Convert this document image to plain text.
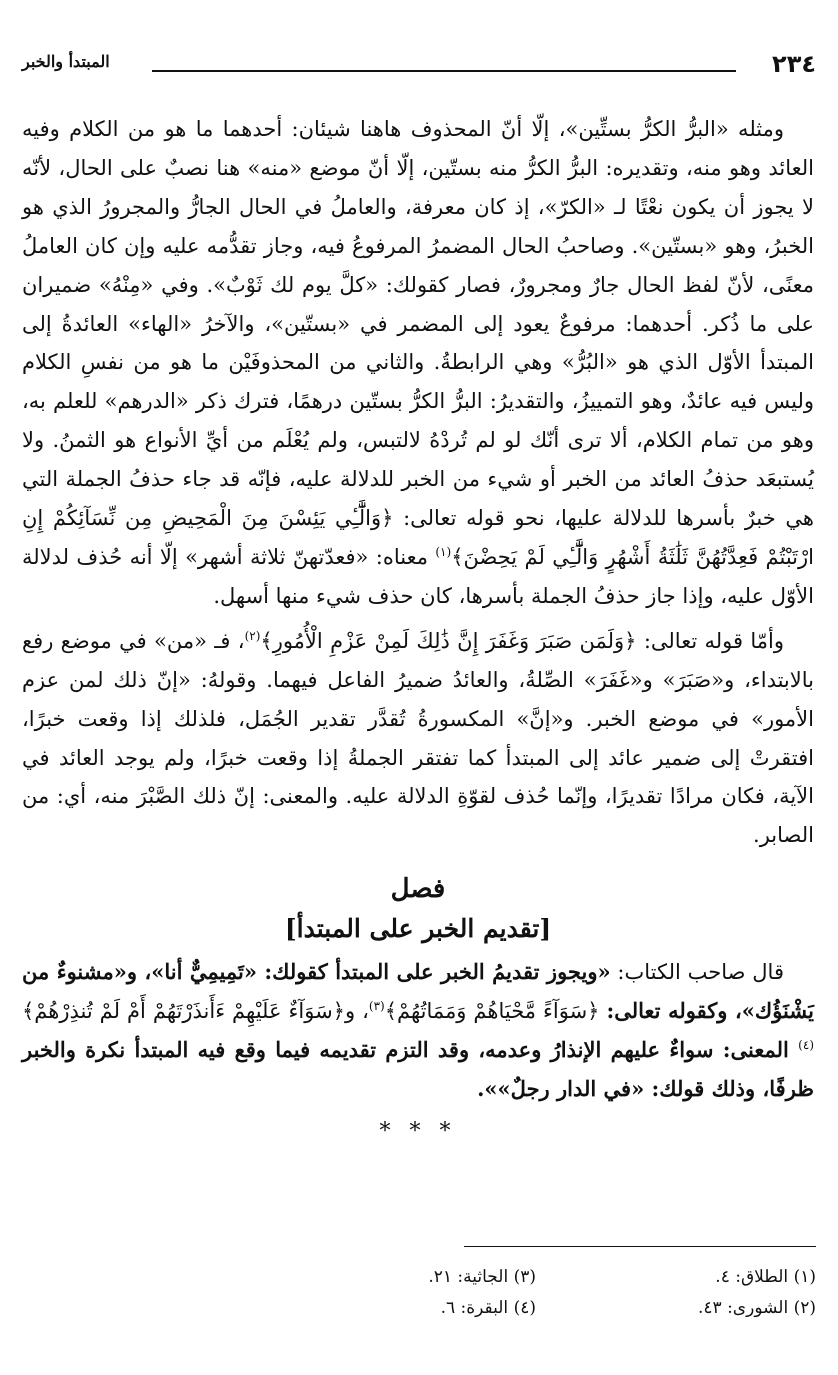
٢٣٤
المبتدأ والخبر

ومثله «البرُّ الكرُّ بستِّين»، إلّا أنّ المحذوف هاهنا شيئان: أحدهما ما هو من الكلام وفيه العائد وهو منه، وتقديره: البرُّ الكرُّ منه بستّين، إلّا أنّ موضع «منه» هنا نصبٌ على الحال، لأنّه لا يجوز أن يكون نعْتًا لـ «الكرّ»، إذ كان معرفة، والعاملُ في الحال الجارُّ والمجرورُ الذي هو الخبرُ، وهو «بستّين». وصاحبُ الحال المضمرُ المرفوعُ فيه، وجاز تقدُّمه عليه وإن كان العاملُ معنًى، لأنّ لفظ الحال جارٌ ومجرورٌ، فصار كقولك: «كلَّ يوم لك ثَوْبٌ». وفي «مِنْهُ» ضميران على ما ذُكر. أحدهما: مرفوعٌ يعود إلى المضمر في «بستّين»، والآخرُ «الهاء» العائدةُ إلى المبتدأ الأوّل الذي هو «البُرُّ» وهي الرابطةُ. والثاني من المحذوفَيْن ما هو من نفسِ الكلام وليس فيه عائدٌ، وهو التمييزُ، والتقديرُ: البرُّ الكرُّ بستّين درهمًا، فترك ذكر «الدرهم» للعلم به، وهو من تمام الكلام، ألا ترى أنّك لو لم تُردْهُ لالتبس، ولم يُعْلَم من أيِّ الأنواع هو الثمنُ. ولا يُستبعَد حذفُ العائد من الخبر أو شيء من الخبر للدلالة عليه، فإنّه قد جاء حذفُ الجملة التي هي خبرٌ بأسرها للدلالة عليها، نحو قوله تعالى: ﴿وَالَّٰٓـِٔي يَئِسْنَ مِنَ الْمَحِيضِ مِن نِّسَآئِكُمْ إِنِ ارْتَبْتُمْ فَعِدَّتُهُنَّ ثَلَٰثَةُ أَشْهُرٍ وَالَّٰٓـِٔي لَمْ يَحِضْنَ﴾$^{(١)}$ معناه: «فعدّتهنّ ثلاثة أشهر» إلّا أنه حُذف لدلالة الأوّل عليه، وإذا جاز حذفُ الجملة بأسرها، كان حذف شيء منها أسهل.

وأمّا قوله تعالى: ﴿وَلَمَن صَبَرَ وَغَفَرَ إِنَّ ذَٰلِكَ لَمِنْ عَزْمِ الْأُمُورِ﴾$^{(٢)}$، فـ «من» في موضع رفع بالابتداء، و«صَبَرَ» و«غَفَرَ» الصِّلةُ، والعائدُ ضميرُ الفاعل فيهما. وقولهُ: «إنّ ذلك لمن عزم الأمور» في موضع الخبر. و«إنَّ» المكسورةُ تُقدَّر تقدير الجُمَل، فلذلك إذا وقعت خبرًا، افتقرتْ إلى ضمير عائد إلى المبتدأ كما تفتقر الجملةُ إذا وقعت خبرًا، ولم يوجد العائد في الآية، فكان مرادًا تقديرًا، وإنّما حُذف لقوّةِ الدلالة عليه. والمعنى: إنّ ذلك الصَّبْرَ منه، أي: من الصابر.

فصل

[تقديم الخبر على المبتدأ]

قال صاحب الكتاب: «ويجوز تقديمُ الخبر على المبتدأ كقولك: «تَمِيمِيٌّ أنا»، و«مشنوءٌ من يَشْنَؤُك»، وكقوله تعالى: ﴿سَوَآءً مَّحْيَاهُمْ وَمَمَاتُهُمْ﴾$^{(٣)}$، و﴿سَوَآءٌ عَلَيْهِمْ ءَأَنذَرْتَهُمْ أَمْ لَمْ تُنذِرْهُمْ﴾$^{(٤)}$ المعنى: سواءٌ عليهم الإنذارُ وعدمه، وقد التزم تقديمه فيما وقع فيه المبتدأ نكرة والخبر ظرفًا، وذلك قولك: «في الدار رجلٌ»».

* * *
(١) الطلاق: ٤.
(٣) الجاثية: ٢١.
(٢) الشورى: ٤٣.
(٤) البقرة: ٦.
